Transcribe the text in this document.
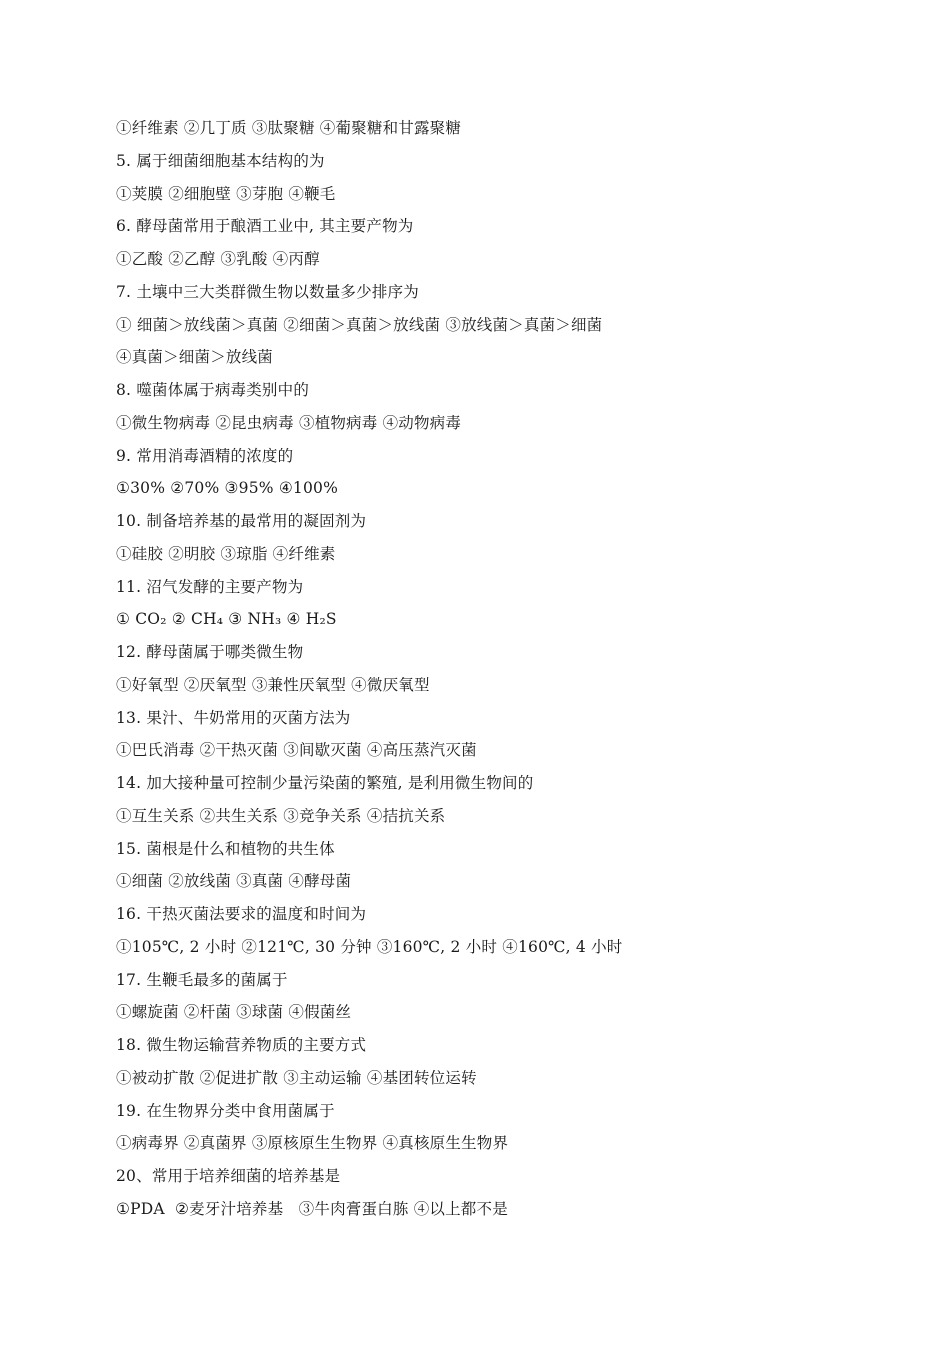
①纤维素 ②几丁质 ③肽聚糖 ④葡聚糖和甘露聚糖
5. 属于细菌细胞基本结构的为
①荚膜 ②细胞壁 ③芽胞 ④鞭毛
6. 酵母菌常用于酿酒工业中, 其主要产物为
①乙酸 ②乙醇 ③乳酸 ④丙醇
7. 土壤中三大类群微生物以数量多少排序为
① 细菌＞放线菌＞真菌 ②细菌＞真菌＞放线菌 ③放线菌＞真菌＞细菌
④真菌＞细菌＞放线菌
8. 噬菌体属于病毒类别中的
①微生物病毒 ②昆虫病毒 ③植物病毒 ④动物病毒
9. 常用消毒酒精的浓度的
①30% ②70% ③95% ④100%
10. 制备培养基的最常用的凝固剂为
①硅胶 ②明胶 ③琼脂 ④纤维素
11. 沼气发酵的主要产物为
① CO₂ ② CH₄ ③ NH₃ ④ H₂S
12. 酵母菌属于哪类微生物
①好氧型 ②厌氧型 ③兼性厌氧型 ④微厌氧型
13. 果汁、牛奶常用的灭菌方法为
①巴氏消毒 ②干热灭菌 ③间歇灭菌 ④高压蒸汽灭菌
14. 加大接种量可控制少量污染菌的繁殖, 是利用微生物间的
①互生关系 ②共生关系 ③竞争关系 ④拮抗关系
15. 菌根是什么和植物的共生体
①细菌 ②放线菌 ③真菌 ④酵母菌
16. 干热灭菌法要求的温度和时间为
①105℃, 2 小时 ②121℃, 30 分钟 ③160℃, 2 小时 ④160℃, 4 小时
17. 生鞭毛最多的菌属于
①螺旋菌 ②杆菌 ③球菌 ④假菌丝
18. 微生物运输营养物质的主要方式
①被动扩散 ②促进扩散 ③主动运输 ④基团转位运转
19. 在生物界分类中食用菌属于
①病毒界 ②真菌界 ③原核原生生物界 ④真核原生生物界
20、常用于培养细菌的培养基是
①PDA  ②麦牙汁培养基   ③牛肉膏蛋白胨 ④以上都不是
